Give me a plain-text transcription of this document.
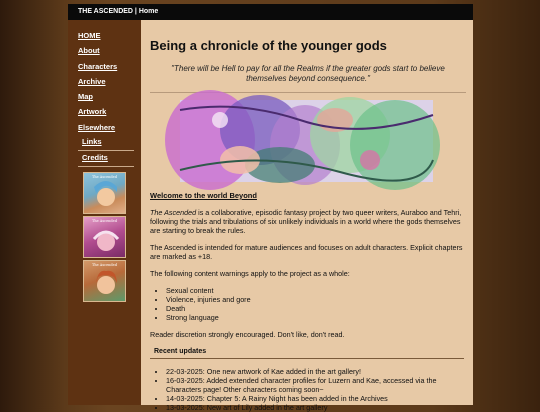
THE ASCENDED | Home
HOME
About
Characters
Archive
Map
Artwork
Elsewhere
Links
Credits
The Ascended
The Ascended
The Ascended
Being a chronicle of the younger gods
"There will be Hell to pay for all the Realms if the greater gods start to believe themselves beyond consequence."
Welcome to the world Beyond

The Ascended is a collaborative, episodic fantasy project by two queer writers, Auraboo and Tehri, following the trials and tribulations of six unlikely individuals in a world where the gods themselves are starting to break the rules.

The Ascended is intended for mature audiences and focuses on adult characters. Explicit chapters are marked as +18.

The following content warnings apply to the project as a whole:

• Sexual content
• Violence, injuries and gore
• Death
• Strong language

Reader discretion strongly encouraged. Don't like, don't read.

Recent updates
• 22-03-2025: One new artwork of Kae added in the art gallery!
• 16-03-2025: Added extended character profiles for Luzern and Kae, accessed via the Characters page! Other characters coming soon~
• 14-03-2025: Chapter 5: A Rainy Night has been added in the Archives
• 13-03-2025: New art of Lily added in the art gallery
